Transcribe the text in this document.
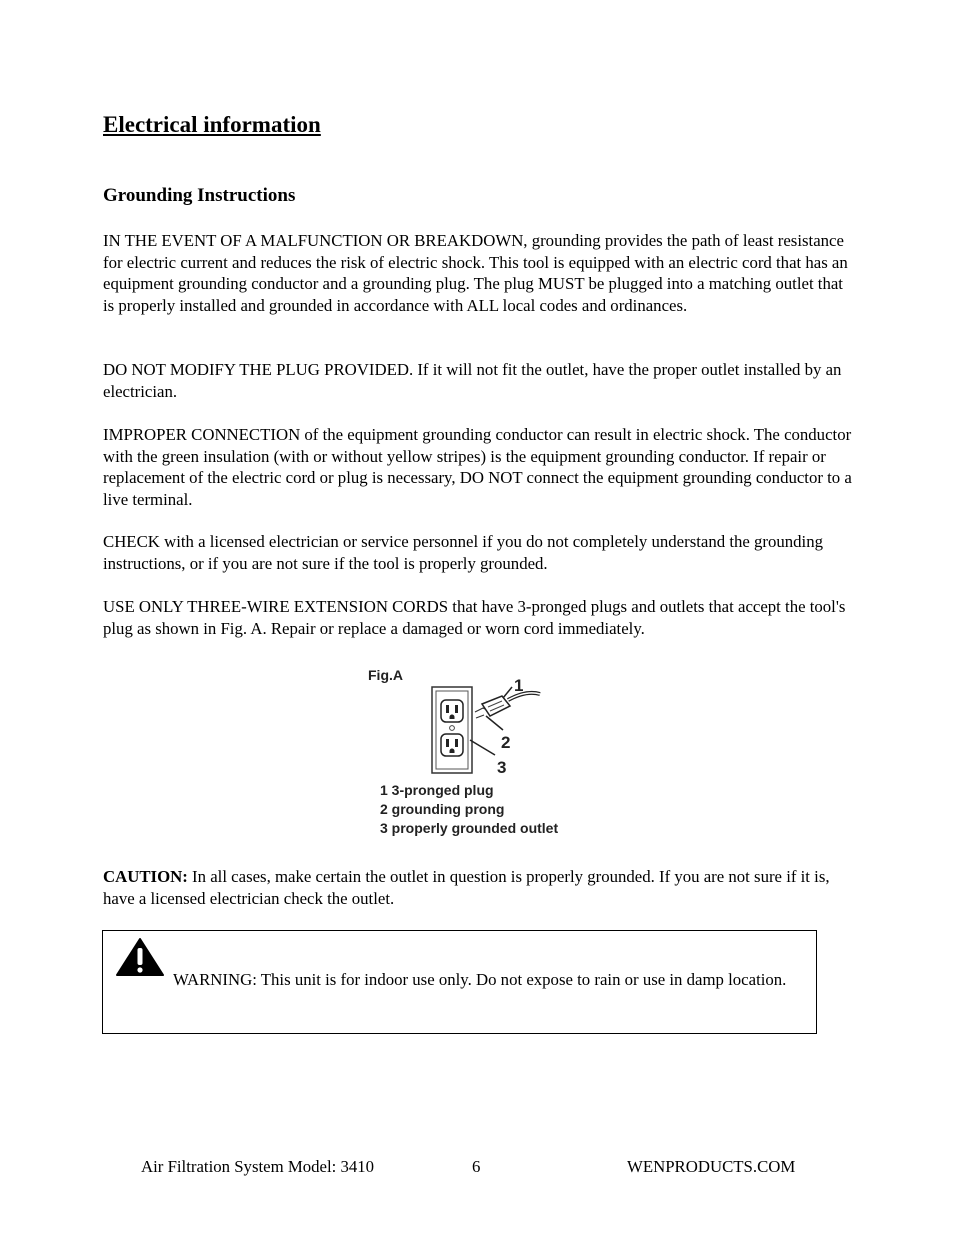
Electrical information
Grounding Instructions
IN THE EVENT OF A MALFUNCTION OR BREAKDOWN, grounding provides the path of least resistance for electric current and reduces the risk of electric shock. This tool is equipped with an electric cord that has an equipment grounding conductor and a grounding plug. The plug MUST be plugged into a matching outlet that is properly installed and grounded in accordance with ALL local codes and ordinances.
DO NOT MODIFY THE PLUG PROVIDED. If it will not fit the outlet, have the proper outlet installed by an electrician.
IMPROPER CONNECTION of the equipment grounding conductor can result in electric shock. The conductor with the green insulation (with or without yellow stripes) is the equipment grounding conductor. If repair or replacement of the electric cord or plug is necessary, DO NOT connect the equipment grounding conductor to a live terminal.
CHECK with a licensed electrician or service personnel if you do not completely understand the grounding instructions, or if you are not sure if the tool is properly grounded.
USE ONLY THREE-WIRE EXTENSION CORDS that have 3-pronged plugs and outlets that accept the tool's plug as shown in Fig. A. Repair or replace a damaged or worn cord immediately.
Fig.A
1
2
3
1 3-pronged plug
2 grounding prong
3 properly grounded outlet
CAUTION: In all cases, make certain the outlet in question is properly grounded. If you are not sure if it is, have a licensed electrician check the outlet.
WARNING: This unit is for indoor use only. Do not expose to rain or use in damp location.
Air Filtration System Model: 3410	6	WENPRODUCTS.COM
